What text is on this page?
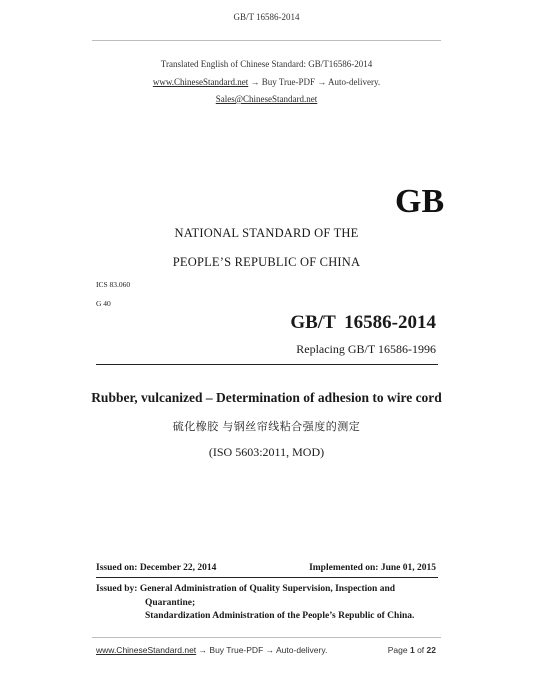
GB/T 16586-2014
Translated English of Chinese Standard: GB/T16586-2014
www.ChineseStandard.net → Buy True-PDF → Auto-delivery.
Sales@ChineseStandard.net
GB
NATIONAL STANDARD OF THE
PEOPLE’S REPUBLIC OF CHINA
ICS 83.060
G 40
GB/T 16586-2014
Replacing GB/T 16586-1996
Rubber, vulcanized – Determination of adhesion to wire cord
硫化橡胶 与钢丝帘线粘合强度的测定
(ISO 5603:2011, MOD)
Issued on: December 22, 2014	Implemented on: June 01, 2015
Issued by: General Administration of Quality Supervision, Inspection and
Quarantine;
Standardization Administration of the People’s Republic of China.
www.ChineseStandard.net → Buy True-PDF → Auto-delivery.	Page 1 of 22
